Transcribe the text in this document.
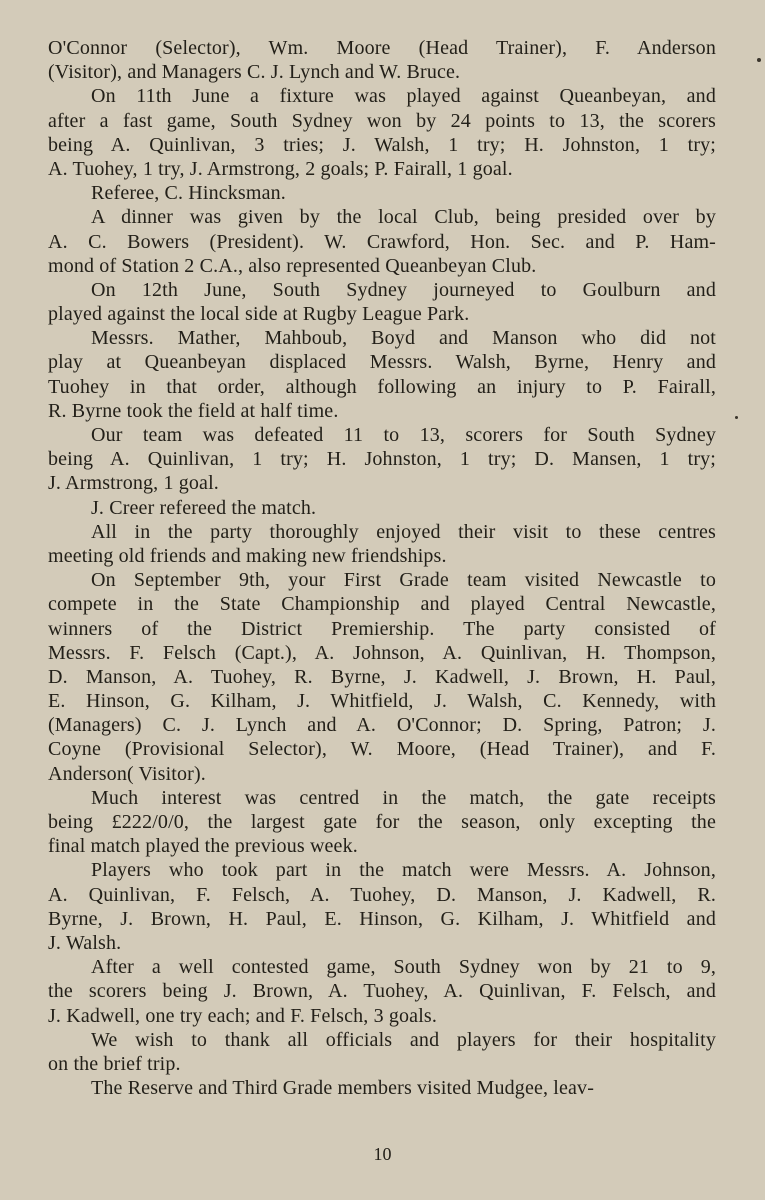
O'Connor (Selector), Wm. Moore (Head Trainer), F. Anderson
(Visitor), and Managers C. J. Lynch and W. Bruce.
On 11th June a fixture was played against Queanbeyan, and
after a fast game, South Sydney won by 24 points to 13, the scorers
being A. Quinlivan, 3 tries; J. Walsh, 1 try; H. Johnston, 1 try;
A. Tuohey, 1 try, J. Armstrong, 2 goals; P. Fairall, 1 goal.
Referee, C. Hincksman.
A dinner was given by the local Club, being presided over by
A. C. Bowers (President). W. Crawford, Hon. Sec. and P. Ham-
mond of Station 2 C.A., also represented Queanbeyan Club.
On 12th June, South Sydney journeyed to Goulburn and
played against the local side at Rugby League Park.
Messrs. Mather, Mahboub, Boyd and Manson who did not
play at Queanbeyan displaced Messrs. Walsh, Byrne, Henry and
Tuohey in that order, although following an injury to P. Fairall,
R. Byrne took the field at half time.
Our team was defeated 11 to 13, scorers for South Sydney
being A. Quinlivan, 1 try; H. Johnston, 1 try; D. Mansen, 1 try;
J. Armstrong, 1 goal.
J. Creer refereed the match.
All in the party thoroughly enjoyed their visit to these centres
meeting old friends and making new friendships.
On September 9th, your First Grade team visited Newcastle to
compete in the State Championship and played Central Newcastle,
winners of the District Premiership. The party consisted of
Messrs. F. Felsch (Capt.), A. Johnson, A. Quinlivan, H. Thompson,
D. Manson, A. Tuohey, R. Byrne, J. Kadwell, J. Brown, H. Paul,
E. Hinson, G. Kilham, J. Whitfield, J. Walsh, C. Kennedy, with
(Managers) C. J. Lynch and A. O'Connor; D. Spring, Patron; J.
Coyne (Provisional Selector), W. Moore, (Head Trainer), and F.
Anderson( Visitor).
Much interest was centred in the match, the gate receipts
being £222/0/0, the largest gate for the season, only excepting the
final match played the previous week.
Players who took part in the match were Messrs. A. Johnson,
A. Quinlivan, F. Felsch, A. Tuohey, D. Manson, J. Kadwell, R.
Byrne, J. Brown, H. Paul, E. Hinson, G. Kilham, J. Whitfield and
J. Walsh.
After a well contested game, South Sydney won by 21 to 9,
the scorers being J. Brown, A. Tuohey, A. Quinlivan, F. Felsch, and
J. Kadwell, one try each; and F. Felsch, 3 goals.
We wish to thank all officials and players for their hospitality
on the brief trip.
The Reserve and Third Grade members visited Mudgee, leav-
10
